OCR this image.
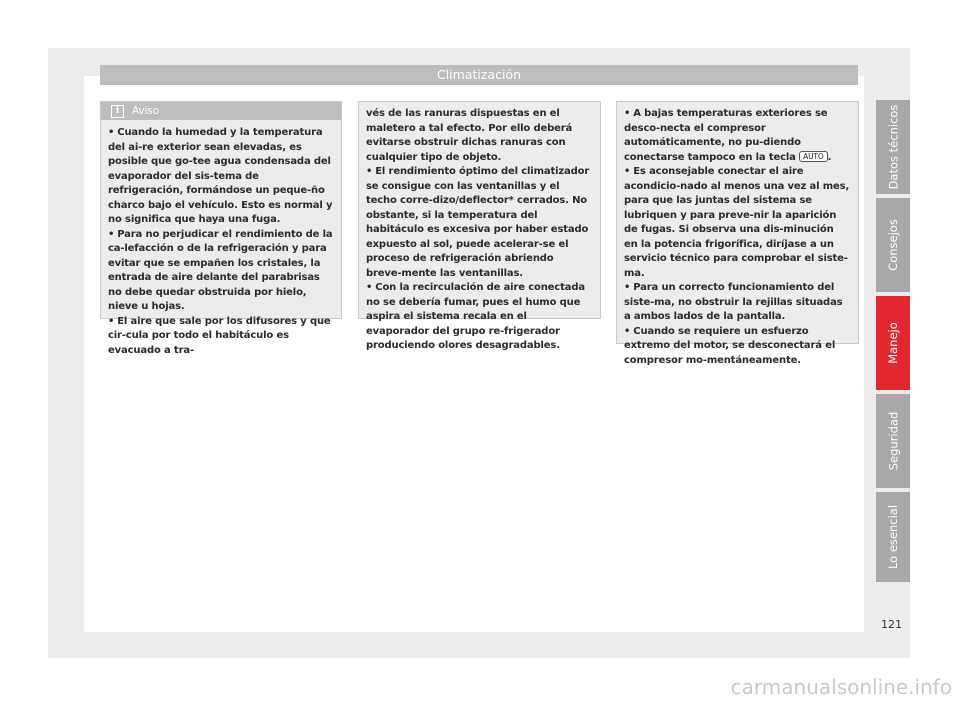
Climatización
i	Aviso

• Cuando la humedad y la temperatura del ai-re exterior sean elevadas, es posible que go-tee agua condensada del evaporador del sis-tema de refrigeración, formándose un peque-ño charco bajo el vehículo. Esto es normal y no significa que haya una fuga.

• Para no perjudicar el rendimiento de la ca-lefacción o de la refrigeración y para evitar que se empañen los cristales, la entrada de aire delante del parabrisas no debe quedar obstruida por hielo, nieve u hojas.

• El aire que sale por los difusores y que cir-cula por todo el habitáculo es evacuado a tra-

vés de las ranuras dispuestas en el maletero a tal efecto. Por ello deberá evitarse obstruir dichas ranuras con cualquier tipo de objeto.

• El rendimiento óptimo del climatizador se consigue con las ventanillas y el techo corre-dizo/deflector* cerrados. No obstante, si la temperatura del habitáculo es excesiva por haber estado expuesto al sol, puede acelerar-se el proceso de refrigeración abriendo breve-mente las ventanillas.

• Con la recirculación de aire conectada no se debería fumar, pues el humo que aspira el sistema recala en el evaporador del grupo re-frigerador produciendo olores desagradables.

• A bajas temperaturas exteriores se desco-necta el compresor automáticamente, no pu-diendo conectarse tampoco en la tecla AUTO .

• Es aconsejable conectar el aire acondicio-nado al menos una vez al mes, para que las juntas del sistema se lubriquen y para preve-nir la aparición de fugas. Si observa una dis-minución en la potencia frigorífica, diríjase a un servicio técnico para comprobar el siste-ma.

• Para un correcto funcionamiento del siste-ma, no obstruir la rejillas situadas a ambos lados de la pantalla.

• Cuando se requiere un esfuerzo extremo del motor, se desconectará el compresor mo-mentáneamente.

Datos técnicos
Consejos
Manejo
Seguridad
Lo esencial
121
carmanualsonline.info
